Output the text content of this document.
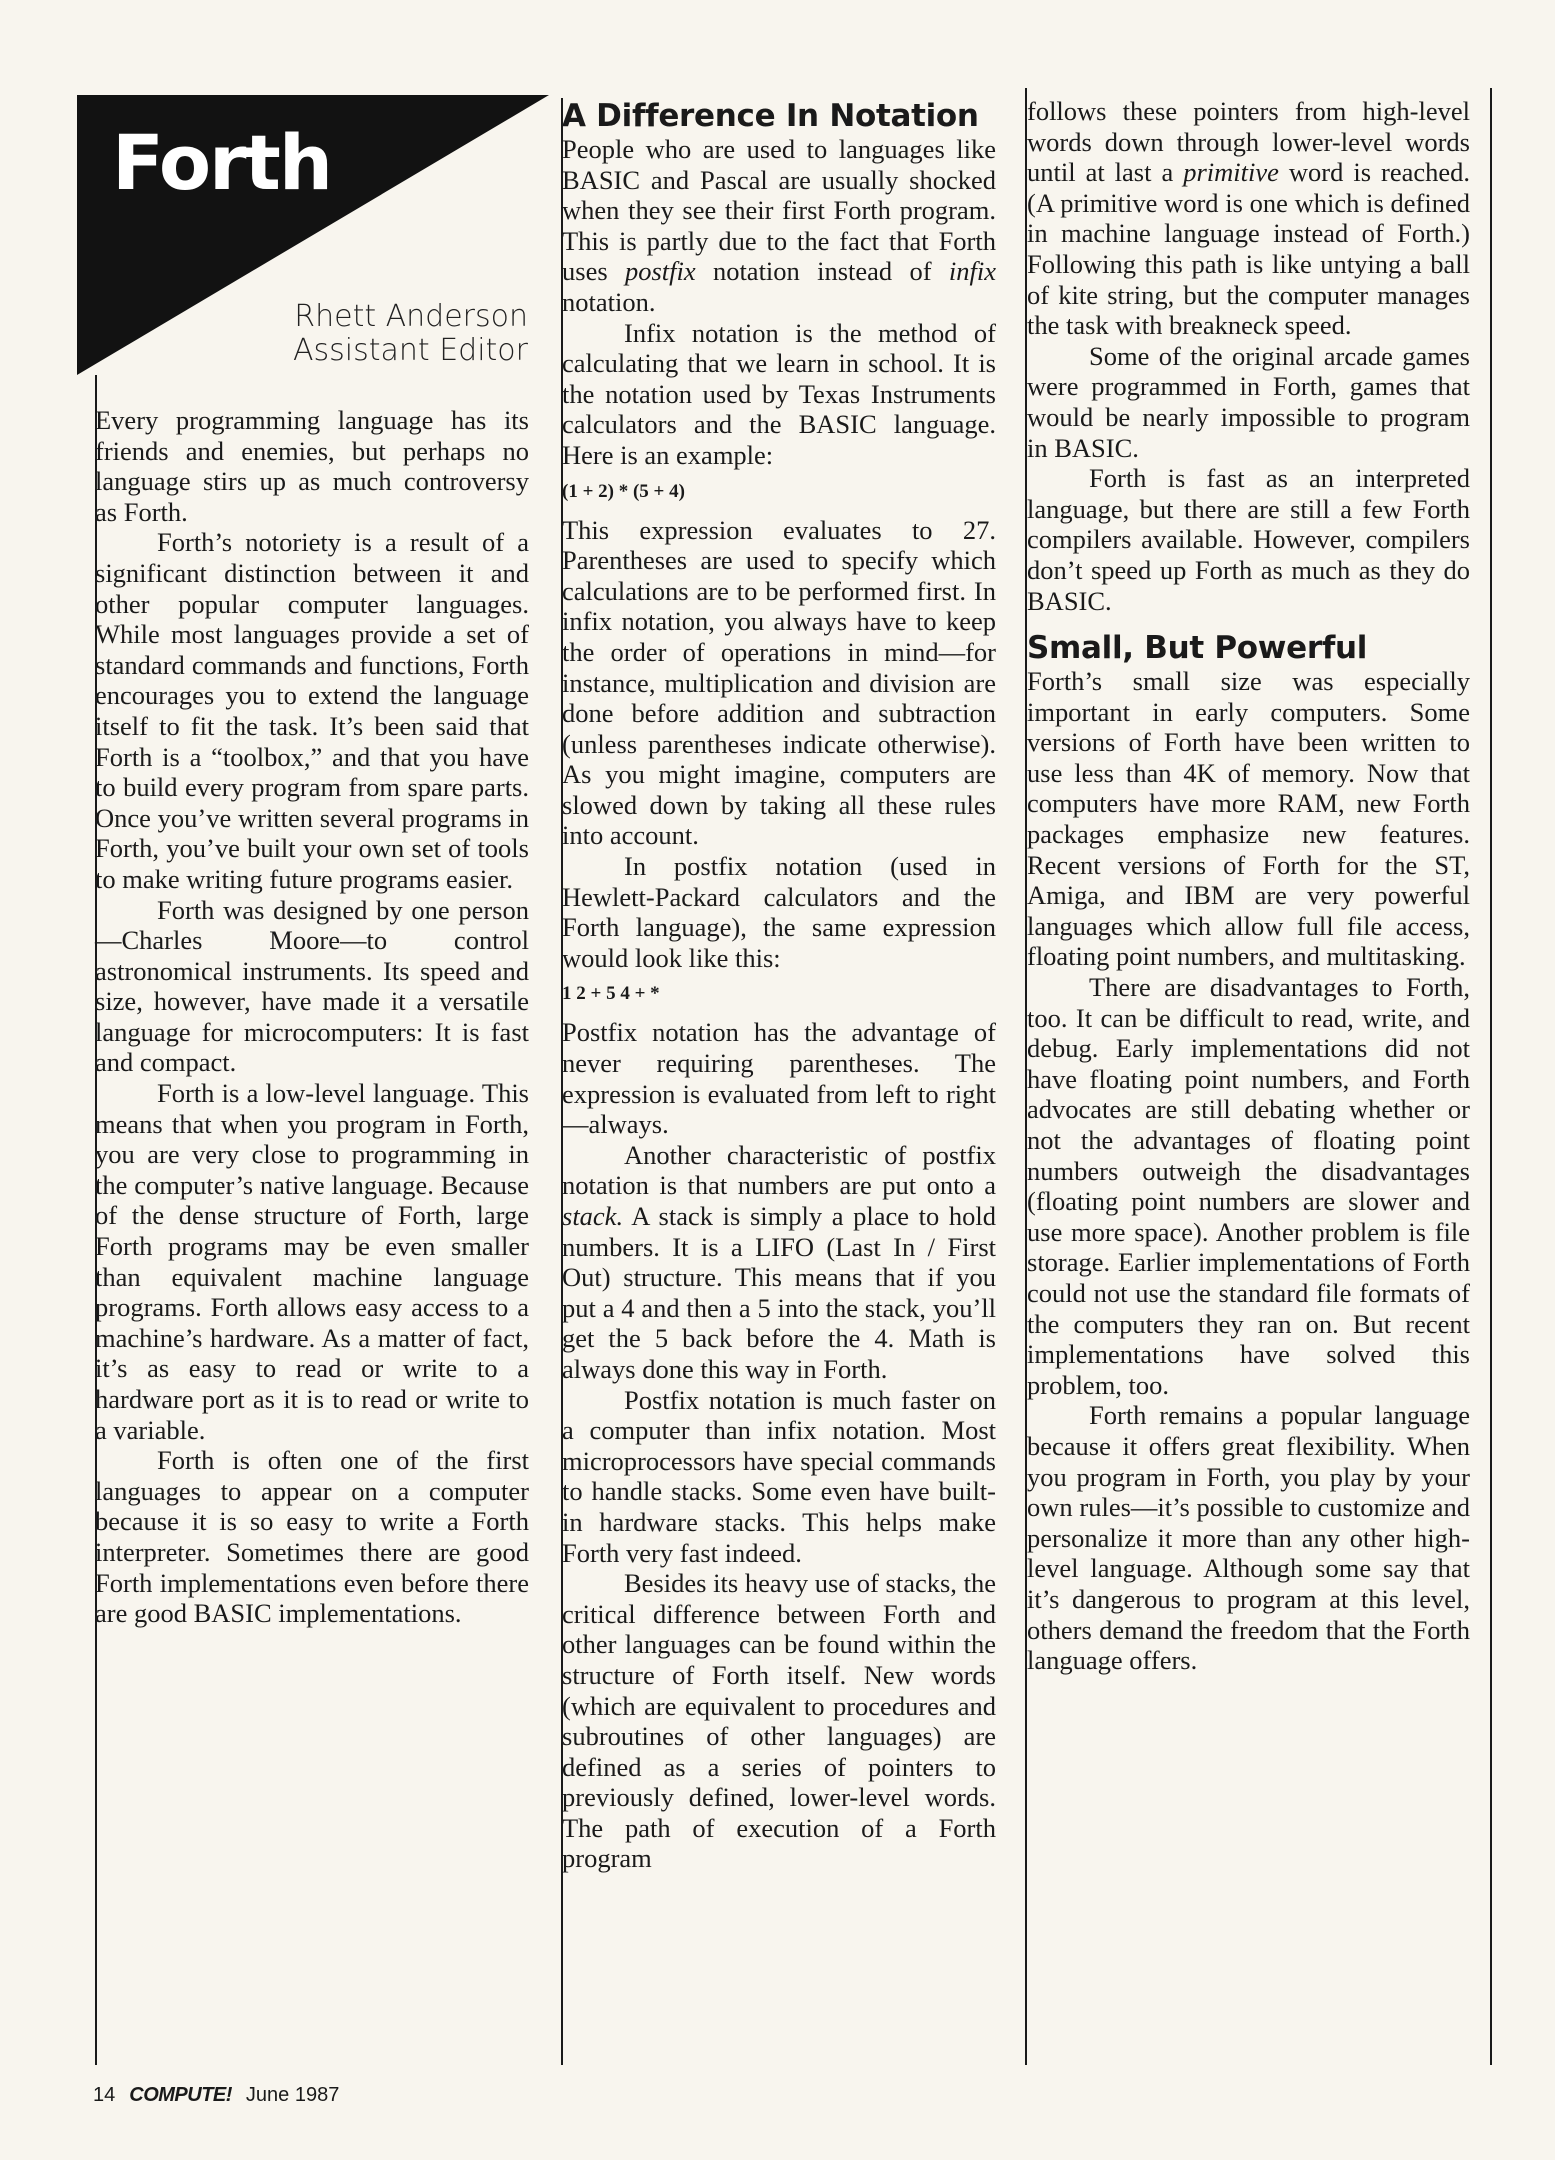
Forth
Rhett Anderson
Assistant Editor

Every programming language has its friends and enemies, but perhaps no language stirs up as much controversy as Forth.

Forth’s notoriety is a result of a significant distinction between it and other popular computer languages. While most languages provide a set of standard commands and functions, Forth encourages you to extend the language itself to fit the task. It’s been said that Forth is a “toolbox,” and that you have to build every program from spare parts. Once you’ve written several programs in Forth, you’ve built your own set of tools to make writing future programs easier.

Forth was designed by one person—Charles Moore—to control astronomical instruments. Its speed and size, however, have made it a versatile language for microcomputers: It is fast and compact.

Forth is a low-level language. This means that when you program in Forth, you are very close to programming in the computer’s native language. Because of the dense structure of Forth, large Forth programs may be even smaller than equivalent machine language programs. Forth allows easy access to a machine’s hardware. As a matter of fact, it’s as easy to read or write to a hardware port as it is to read or write to a variable.

Forth is often one of the first languages to appear on a computer because it is so easy to write a Forth interpreter. Sometimes there are good Forth implementations even before there are good BASIC implementations.

A Difference In Notation

People who are used to languages like BASIC and Pascal are usually shocked when they see their first Forth program. This is partly due to the fact that Forth uses postfix notation instead of infix notation.

Infix notation is the method of calculating that we learn in school. It is the notation used by Texas Instruments calculators and the BASIC language. Here is an example:

(1 + 2) * (5 + 4)

This expression evaluates to 27. Parentheses are used to specify which calculations are to be performed first. In infix notation, you always have to keep the order of operations in mind—for instance, multiplication and division are done before addition and subtraction (unless parentheses indicate otherwise). As you might imagine, computers are slowed down by taking all these rules into account.

In postfix notation (used in Hewlett-Packard calculators and the Forth language), the same expression would look like this:

1 2 + 5 4 + *

Postfix notation has the advantage of never requiring parentheses. The expression is evaluated from left to right—always.

Another characteristic of postfix notation is that numbers are put onto a stack. A stack is simply a place to hold numbers. It is a LIFO (Last In / First Out) structure. This means that if you put a 4 and then a 5 into the stack, you’ll get the 5 back before the 4. Math is always done this way in Forth.

Postfix notation is much faster on a computer than infix notation. Most microprocessors have special commands to handle stacks. Some even have built-in hardware stacks. This helps make Forth very fast indeed.

Besides its heavy use of stacks, the critical difference between Forth and other languages can be found within the structure of Forth itself. New words (which are equivalent to procedures and subroutines of other languages) are defined as a series of pointers to previously defined, lower-level words. The path of execution of a Forth program

follows these pointers from high-level words down through lower-level words until at last a primitive word is reached. (A primitive word is one which is defined in machine language instead of Forth.) Following this path is like untying a ball of kite string, but the computer manages the task with breakneck speed.

Some of the original arcade games were programmed in Forth, games that would be nearly impossible to program in BASIC.

Forth is fast as an interpreted language, but there are still a few Forth compilers available. However, compilers don’t speed up Forth as much as they do BASIC.

Small, But Powerful

Forth’s small size was especially important in early computers. Some versions of Forth have been written to use less than 4K of memory. Now that computers have more RAM, new Forth packages emphasize new features. Recent versions of Forth for the ST, Amiga, and IBM are very powerful languages which allow full file access, floating point numbers, and multitasking.

There are disadvantages to Forth, too. It can be difficult to read, write, and debug. Early implementations did not have floating point numbers, and Forth advocates are still debating whether or not the advantages of floating point numbers outweigh the disadvantages (floating point numbers are slower and use more space). Another problem is file storage. Earlier implementations of Forth could not use the standard file formats of the computers they ran on. But recent implementations have solved this problem, too.

Forth remains a popular language because it offers great flexibility. When you program in Forth, you play by your own rules—it’s possible to customize and personalize it more than any other high-level language. Although some say that it’s dangerous to program at this level, others demand the freedom that the Forth language offers.

14 COMPUTE! June 1987
